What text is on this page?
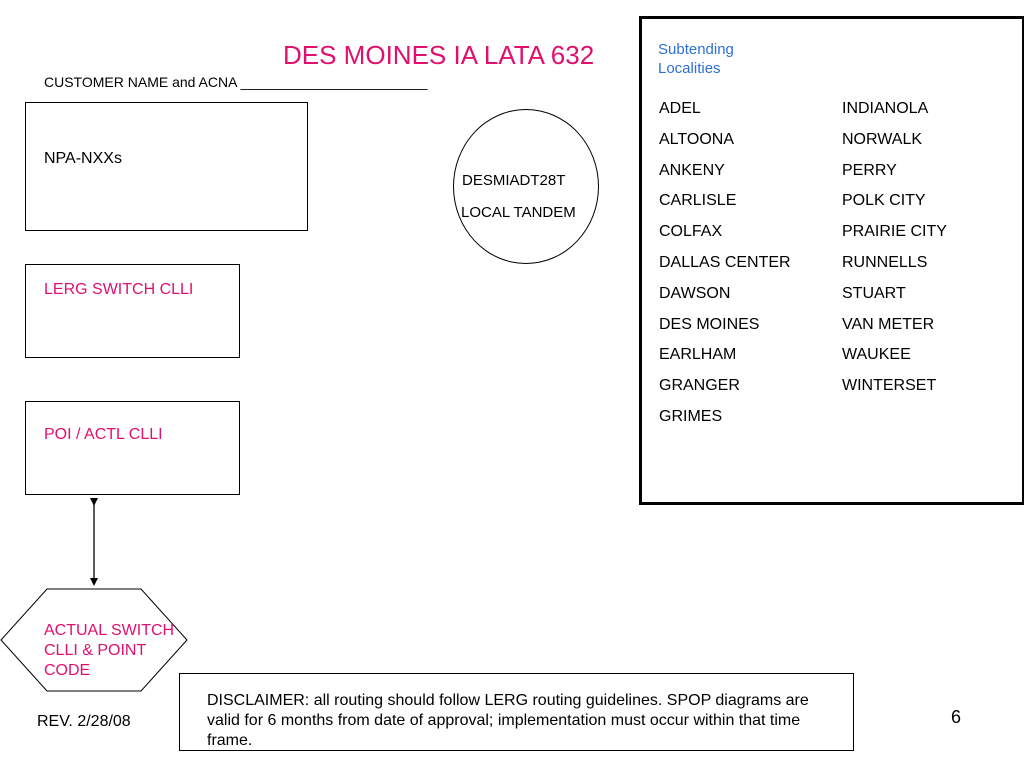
DES MOINES IA LATA 632
CUSTOMER NAME and ACNA ________________________
NPA-NXXs
LERG SWITCH CLLI
POI / ACTL CLLI
ACTUAL SWITCH CLLI & POINT CODE
DESMIADT28T
LOCAL TANDEM
Subtending Localities
ADEL
ALTOONA
ANKENY
CARLISLE
COLFAX
DALLAS CENTER
DAWSON
DES MOINES
EARLHAM
GRANGER
GRIMES
INDIANOLA
NORWALK
PERRY
POLK CITY
PRAIRIE CITY
RUNNELLS
STUART
VAN METER
WAUKEE
WINTERSET
DISCLAIMER: all routing should follow LERG routing guidelines. SPOP diagrams are valid for 6 months from date of approval; implementation must occur within that time frame.
REV. 2/28/08	6
